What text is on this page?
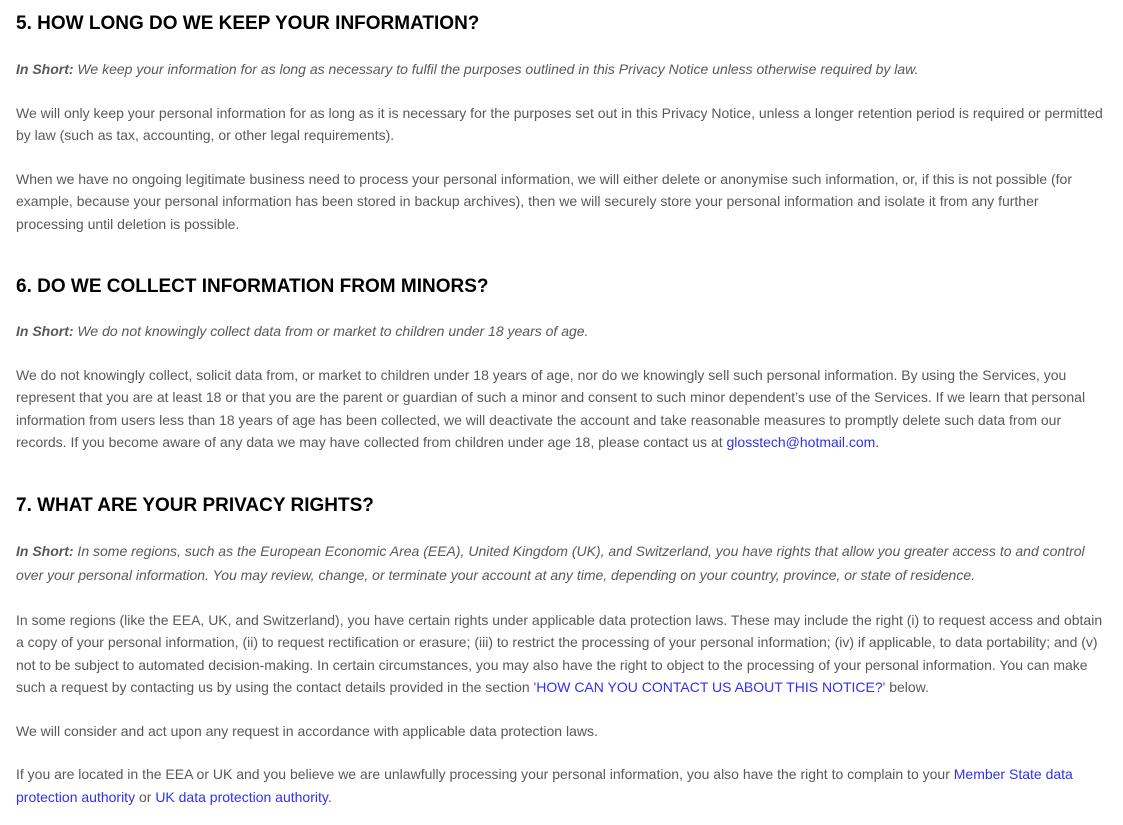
5. HOW LONG DO WE KEEP YOUR INFORMATION?

In Short: We keep your information for as long as necessary to fulfil the purposes outlined in this Privacy Notice unless otherwise required by law.

We will only keep your personal information for as long as it is necessary for the purposes set out in this Privacy Notice, unless a longer retention period is required or permitted by law (such as tax, accounting, or other legal requirements).

When we have no ongoing legitimate business need to process your personal information, we will either delete or anonymise such information, or, if this is not possible (for example, because your personal information has been stored in backup archives), then we will securely store your personal information and isolate it from any further processing until deletion is possible.

6. DO WE COLLECT INFORMATION FROM MINORS?

In Short: We do not knowingly collect data from or market to children under 18 years of age.

We do not knowingly collect, solicit data from, or market to children under 18 years of age, nor do we knowingly sell such personal information. By using the Services, you represent that you are at least 18 or that you are the parent or guardian of such a minor and consent to such minor dependent’s use of the Services. If we learn that personal information from users less than 18 years of age has been collected, we will deactivate the account and take reasonable measures to promptly delete such data from our records. If you become aware of any data we may have collected from children under age 18, please contact us at glosstech@hotmail.com.

7. WHAT ARE YOUR PRIVACY RIGHTS?

In Short: In some regions, such as the European Economic Area (EEA), United Kingdom (UK), and Switzerland, you have rights that allow you greater access to and control over your personal information. You may review, change, or terminate your account at any time, depending on your country, province, or state of residence.

In some regions (like the EEA, UK, and Switzerland), you have certain rights under applicable data protection laws. These may include the right (i) to request access and obtain a copy of your personal information, (ii) to request rectification or erasure; (iii) to restrict the processing of your personal information; (iv) if applicable, to data portability; and (v) not to be subject to automated decision-making. In certain circumstances, you may also have the right to object to the processing of your personal information. You can make such a request by contacting us by using the contact details provided in the section 'HOW CAN YOU CONTACT US ABOUT THIS NOTICE?' below.

We will consider and act upon any request in accordance with applicable data protection laws.

If you are located in the EEA or UK and you believe we are unlawfully processing your personal information, you also have the right to complain to your Member State data protection authority or UK data protection authority.
